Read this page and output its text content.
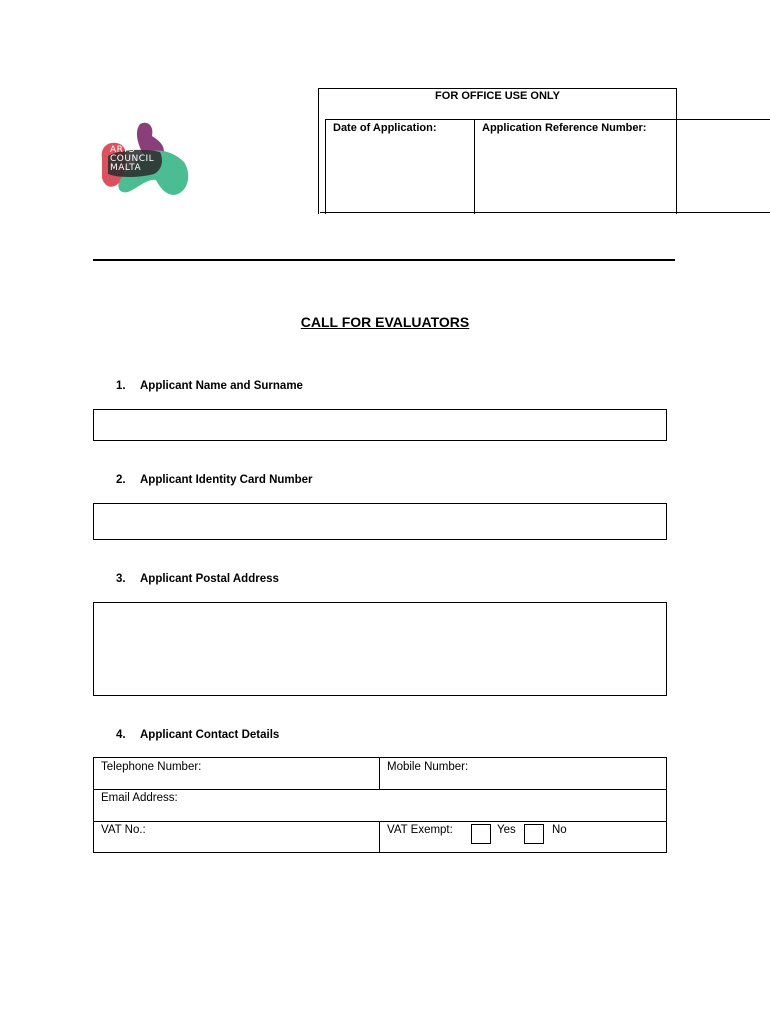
ARTS
COUNCIL
MALTA
FOR OFFICE USE ONLY
Date of Application:	Application Reference Number:
CALL FOR EVALUATORS
1. Applicant Name and Surname
2. Applicant Identity Card Number
3. Applicant Postal Address
4. Applicant Contact Details
Telephone Number:	Mobile Number:
Email Address:
VAT No.:	VAT Exempt:	Yes	No
